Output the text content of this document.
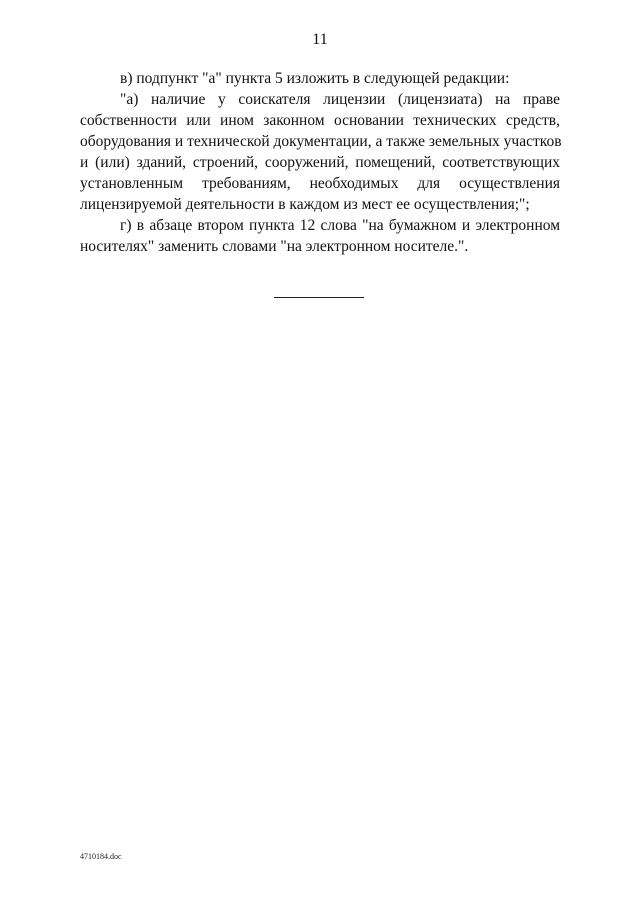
11
в) подпункт "а" пункта 5 изложить в следующей редакции:
"а) наличие у соискателя лицензии (лицензиата) на праве
собственности или ином законном основании технических средств,
оборудования и технической документации, а также земельных участков
и (или) зданий, строений, сооружений, помещений, соответствующих
установленным требованиям, необходимых для осуществления
лицензируемой деятельности в каждом из мест ее осуществления;";
г) в абзаце втором пункта 12 слова "на бумажном и электронном
носителях" заменить словами "на электронном носителе.".
4710184.doc
